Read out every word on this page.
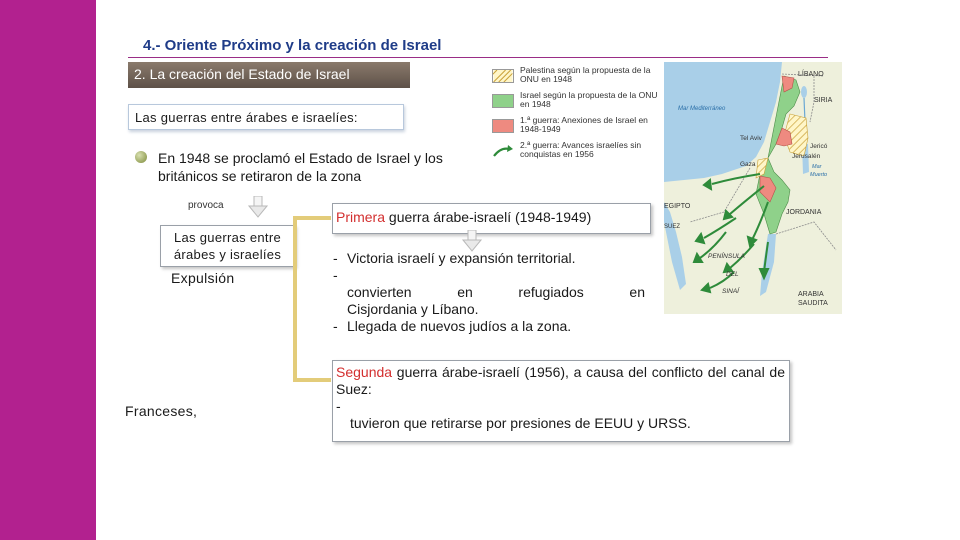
4.- Oriente Próximo y la creación de Israel
2. La creación del Estado de Israel
Las guerras entre árabes e israelíes:
En 1948 se proclamó el Estado de Israel y los británicos se retiraron de la zona
provoca
Las guerras entre árabes y israelíes
Expulsión
Franceses,
Primera guerra árabe-israelí (1948-1949)
- Victoria israelí y expansión territorial.
-
convierten en refugiados en
Cisjordania y Líbano.
- Llegada de nuevos judíos a la zona.
Segunda guerra árabe-israelí (1956), a causa del conflicto del canal de Suez:
-
tuvieron que retirarse por presiones de EEUU y URSS.
Palestina según la propuesta de la ONU en 1948
Israel según la propuesta de la ONU en 1948
1.ª guerra: Anexiones de Israel en 1948-1949
2.ª guerra: Avances israelíes sin conquistas en 1956
LÍBANO
SIRIA
Mar Mediterráneo
Tel Aviv
Jericó
Jerusalén
Mar
Muerto
Gaza
EGIPTO
SUEZ
JORDANIA
PENÍNSULA
DEL
SINAÍ	ARABIA
SAUDITA
